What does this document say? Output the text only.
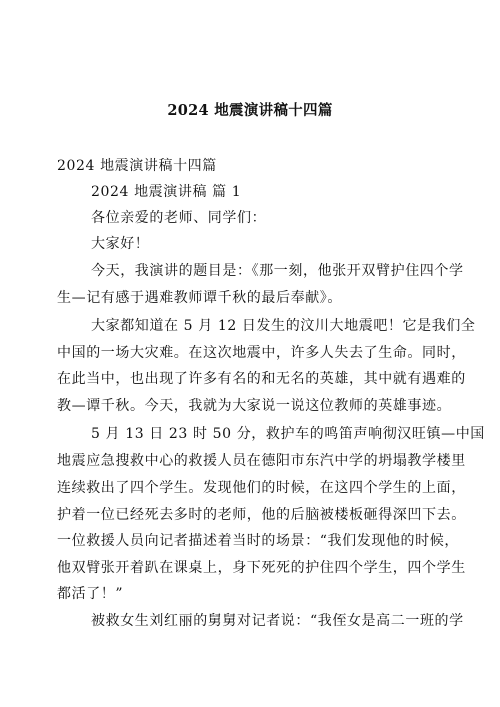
2024 地震演讲稿十四篇
2024 地震演讲稿十四篇
2024 地震演讲稿 篇 1
各位亲爱的老师、同学们：
大家好！
今天，我演讲的题目是：《那一刻，他张开双臂护住四个学
生—记有感于遇难教师谭千秋的最后奉献》。
大家都知道在 5 月 12 日发生的汶川大地震吧！它是我们全
中国的一场大灾难。在这次地震中，许多人失去了生命。同时，
在此当中，也出现了许多有名的和无名的英雄，其中就有遇难的
教—谭千秋。今天，我就为大家说一说这位教师的英雄事迹。
5 月 13 日 23 时 50 分，救护车的鸣笛声响彻汉旺镇—中国
地震应急搜救中心的救援人员在德阳市东汽中学的坍塌教学楼里
连续救出了四个学生。发现他们的时候，在这四个学生的上面，
护着一位已经死去多时的老师，他的后脑被楼板砸得深凹下去。
一位救援人员向记者描述着当时的场景：“我们发现他的时候，
他双臂张开着趴在课桌上，身下死死的护住四个学生，四个学生
都活了！”
被救女生刘红丽的舅舅对记者说：“我侄女是高二一班的学
